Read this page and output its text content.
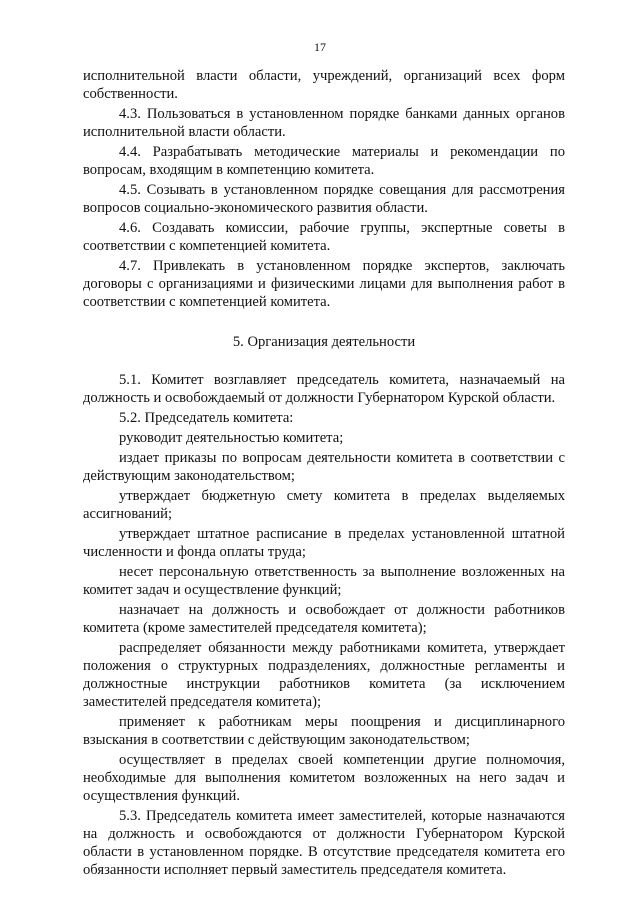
17

исполнительной власти области, учреждений, организаций всех форм собственности.

4.3. Пользоваться в установленном порядке банками данных органов исполнительной власти области.

4.4. Разрабатывать методические материалы и рекомендации по вопросам, входящим в компетенцию комитета.

4.5. Созывать в установленном порядке совещания для рассмотрения вопросов социально-экономического развития области.

4.6. Создавать комиссии, рабочие группы, экспертные советы в соответствии с компетенцией комитета.

4.7. Привлекать в установленном порядке экспертов, заключать договоры с организациями и физическими лицами для выполнения работ в соответствии с компетенцией комитета.

5. Организация деятельности

5.1. Комитет возглавляет председатель комитета, назначаемый на должность и освобождаемый от должности Губернатором Курской области.

5.2. Председатель комитета:

руководит деятельностью комитета;

издает приказы по вопросам деятельности комитета в соответствии с действующим законодательством;

утверждает бюджетную смету комитета в пределах выделяемых ассигнований;

утверждает штатное расписание в пределах установленной штатной численности и фонда оплаты труда;

несет персональную ответственность за выполнение возложенных на комитет задач и осуществление функций;

назначает на должность и освобождает от должности работников комитета (кроме заместителей председателя комитета);

распределяет обязанности между работниками комитета, утверждает положения о структурных подразделениях, должностные регламенты и должностные инструкции работников комитета (за исключением заместителей председателя комитета);

применяет к работникам меры поощрения и дисциплинарного взыскания в соответствии с действующим законодательством;

осуществляет в пределах своей компетенции другие полномочия, необходимые для выполнения комитетом возложенных на него задач и осуществления функций.

5.3. Председатель комитета имеет заместителей, которые назначаются на должность и освобождаются от должности Губернатором Курской области в установленном порядке. В отсутствие председателя комитета его обязанности исполняет первый заместитель председателя комитета.
